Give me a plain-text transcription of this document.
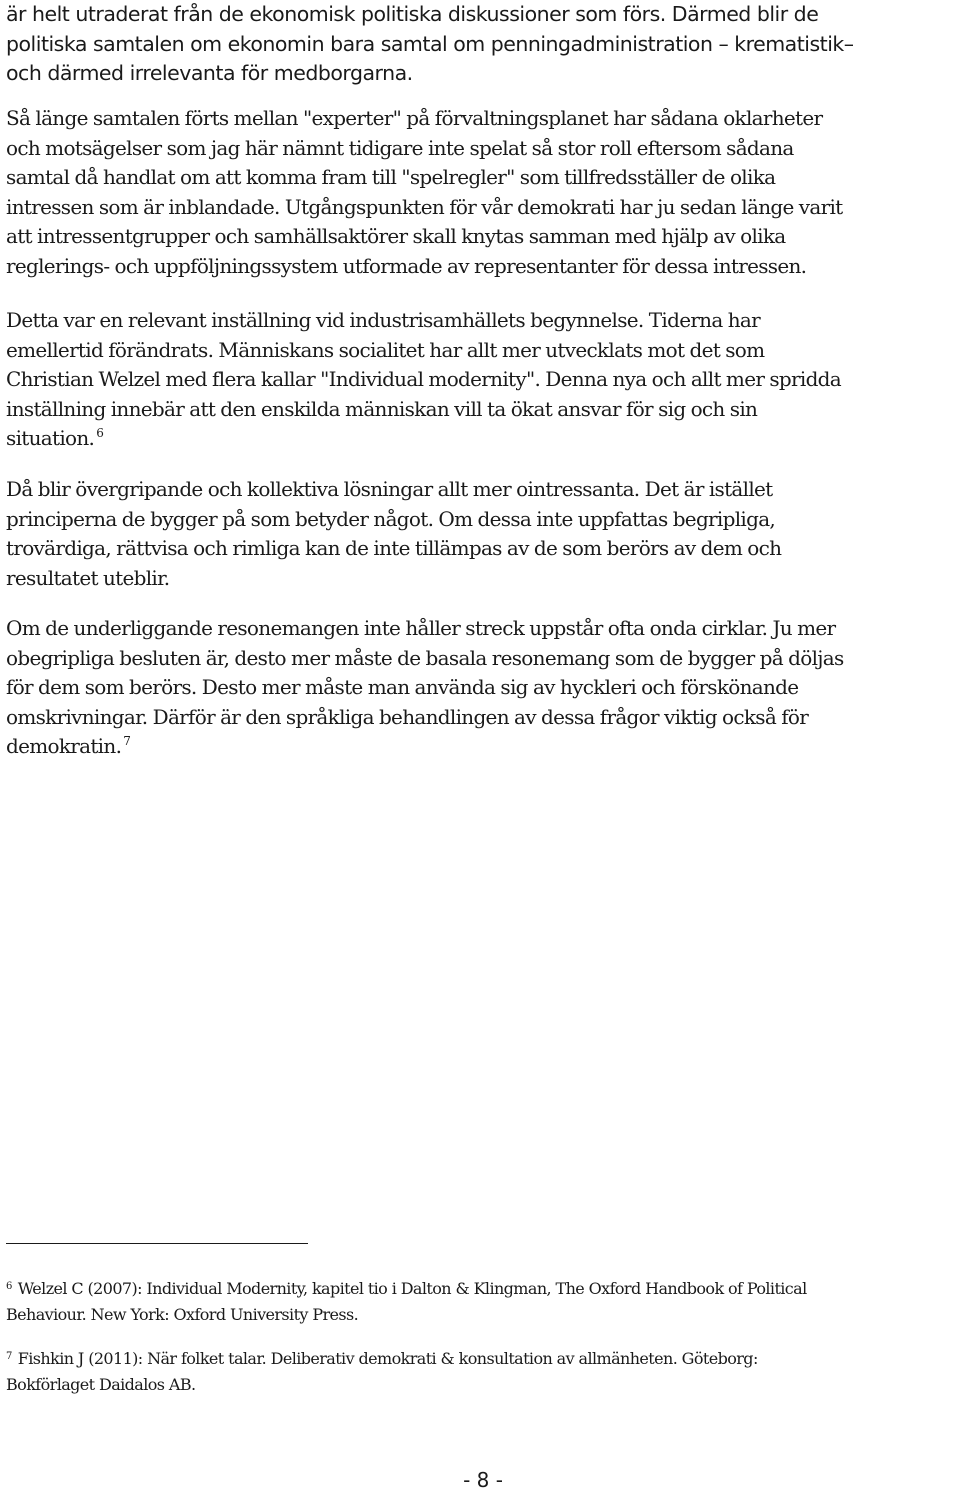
är helt utraderat från de ekonomisk politiska diskussioner som förs. Därmed blir de
politiska samtalen om ekonomin bara samtal om penningadministration – krematistik–
och därmed irrelevanta för medborgarna.
Så länge samtalen förts mellan "experter" på förvaltningsplanet har sådana oklarheter
och motsägelser som jag här nämnt tidigare inte spelat så stor roll eftersom sådana
samtal då handlat om att komma fram till "spelregler" som tillfredsställer de olika
intressen som är inblandade. Utgångspunkten för vår demokrati har ju sedan länge varit
att intressentgrupper och samhällsaktörer skall knytas samman med hjälp av olika
reglerings- och uppföljningssystem utformade av representanter för dessa intressen.
Detta var en relevant inställning vid industrisamhällets begynnelse. Tiderna har
emellertid förändrats. Människans socialitet har allt mer utvecklats mot det som
Christian Welzel med flera kallar "Individual modernity". Denna nya och allt mer spridda
inställning innebär att den enskilda människan vill ta ökat ansvar för sig och sin
situation. $^6$
Då blir övergripande och kollektiva lösningar allt mer ointressanta. Det är istället
principerna de bygger på som betyder något. Om dessa inte uppfattas begripliga,
trovärdiga, rättvisa och rimliga kan de inte tillämpas av de som berörs av dem och
resultatet uteblir.
Om de underliggande resonemangen inte håller streck uppstår ofta onda cirklar. Ju mer
obegripliga besluten är, desto mer måste de basala resonemang som de bygger på döljas
för dem som berörs. Desto mer måste man använda sig av hyckleri och förskönande
omskrivningar. Därför är den språkliga behandlingen av dessa frågor viktig också för
demokratin. $^7$
$^6$ Welzel C (2007): Individual Modernity, kapitel tio i Dalton & Klingman, The Oxford Handbook of Political
Behaviour. New York: Oxford University Press.
$^7$ Fishkin J (2011): När folket talar. Deliberativ demokrati & konsultation av allmänheten. Göteborg:
Bokförlaget Daidalos AB.
- 8 -
